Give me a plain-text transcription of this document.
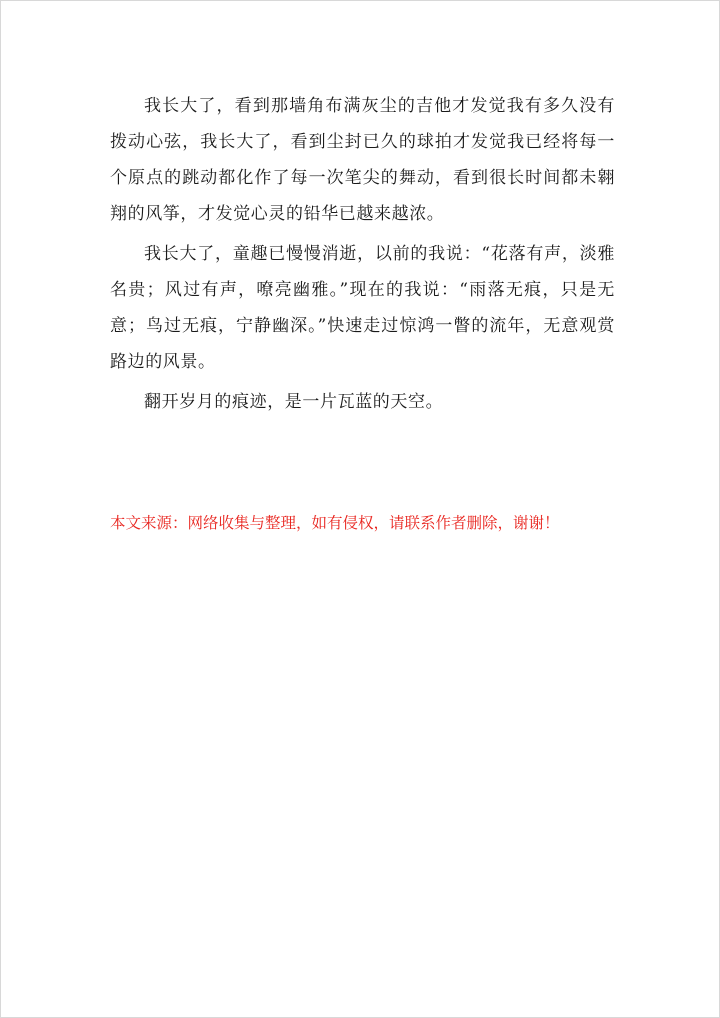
我长大了，看到那墙角布满灰尘的吉他才发觉我有多久没有拨动心弦，我长大了，看到尘封已久的球拍才发觉我已经将每一个原点的跳动都化作了每一次笔尖的舞动，看到很长时间都未翱翔的风筝，才发觉心灵的铅华已越来越浓。

我长大了，童趣已慢慢消逝，以前的我说：“花落有声，淡雅名贵；风过有声，嘹亮幽雅。”现在的我说：“雨落无痕，只是无意；鸟过无痕，宁静幽深。”快速走过惊鸿一瞥的流年，无意观赏路边的风景。

翻开岁月的痕迹，是一片瓦蓝的天空。

本文来源：网络收集与整理，如有侵权，请联系作者删除，谢谢！
